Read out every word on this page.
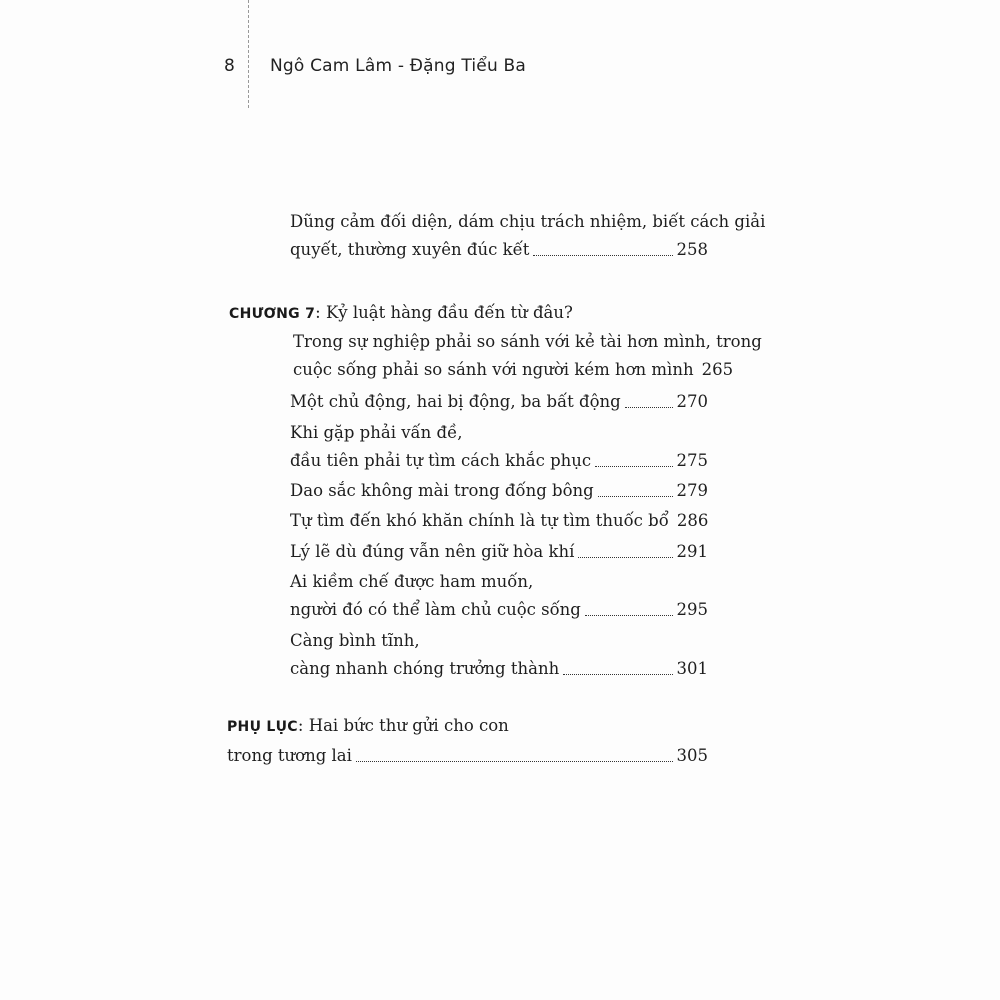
8	Ngô Cam Lâm - Đặng Tiểu Ba
Dũng cảm đối diện, dám chịu trách nhiệm, biết cách giải
quyết, thường xuyên đúc kết	258
CHƯƠNG 7 : Kỷ luật hàng đầu đến từ đâu?
Trong sự nghiệp phải so sánh với kẻ tài hơn mình, trong
cuộc sống phải so sánh với người kém hơn mình 265
Một chủ động, hai bị động, ba bất động	270
Khi gặp phải vấn đề,
đầu tiên phải tự tìm cách khắc phục	275
Dao sắc không mài trong đống bông	279
Tự tìm đến khó khăn chính là tự tìm thuốc bổ 286
Lý lẽ dù đúng vẫn nên giữ hòa khí	291
Ai kiềm chế được ham muốn,
người đó có thể làm chủ cuộc sống	295
Càng bình tĩnh,
càng nhanh chóng trưởng thành	301
PHỤ LỤC : Hai bức thư gửi cho con
trong tương lai	305
